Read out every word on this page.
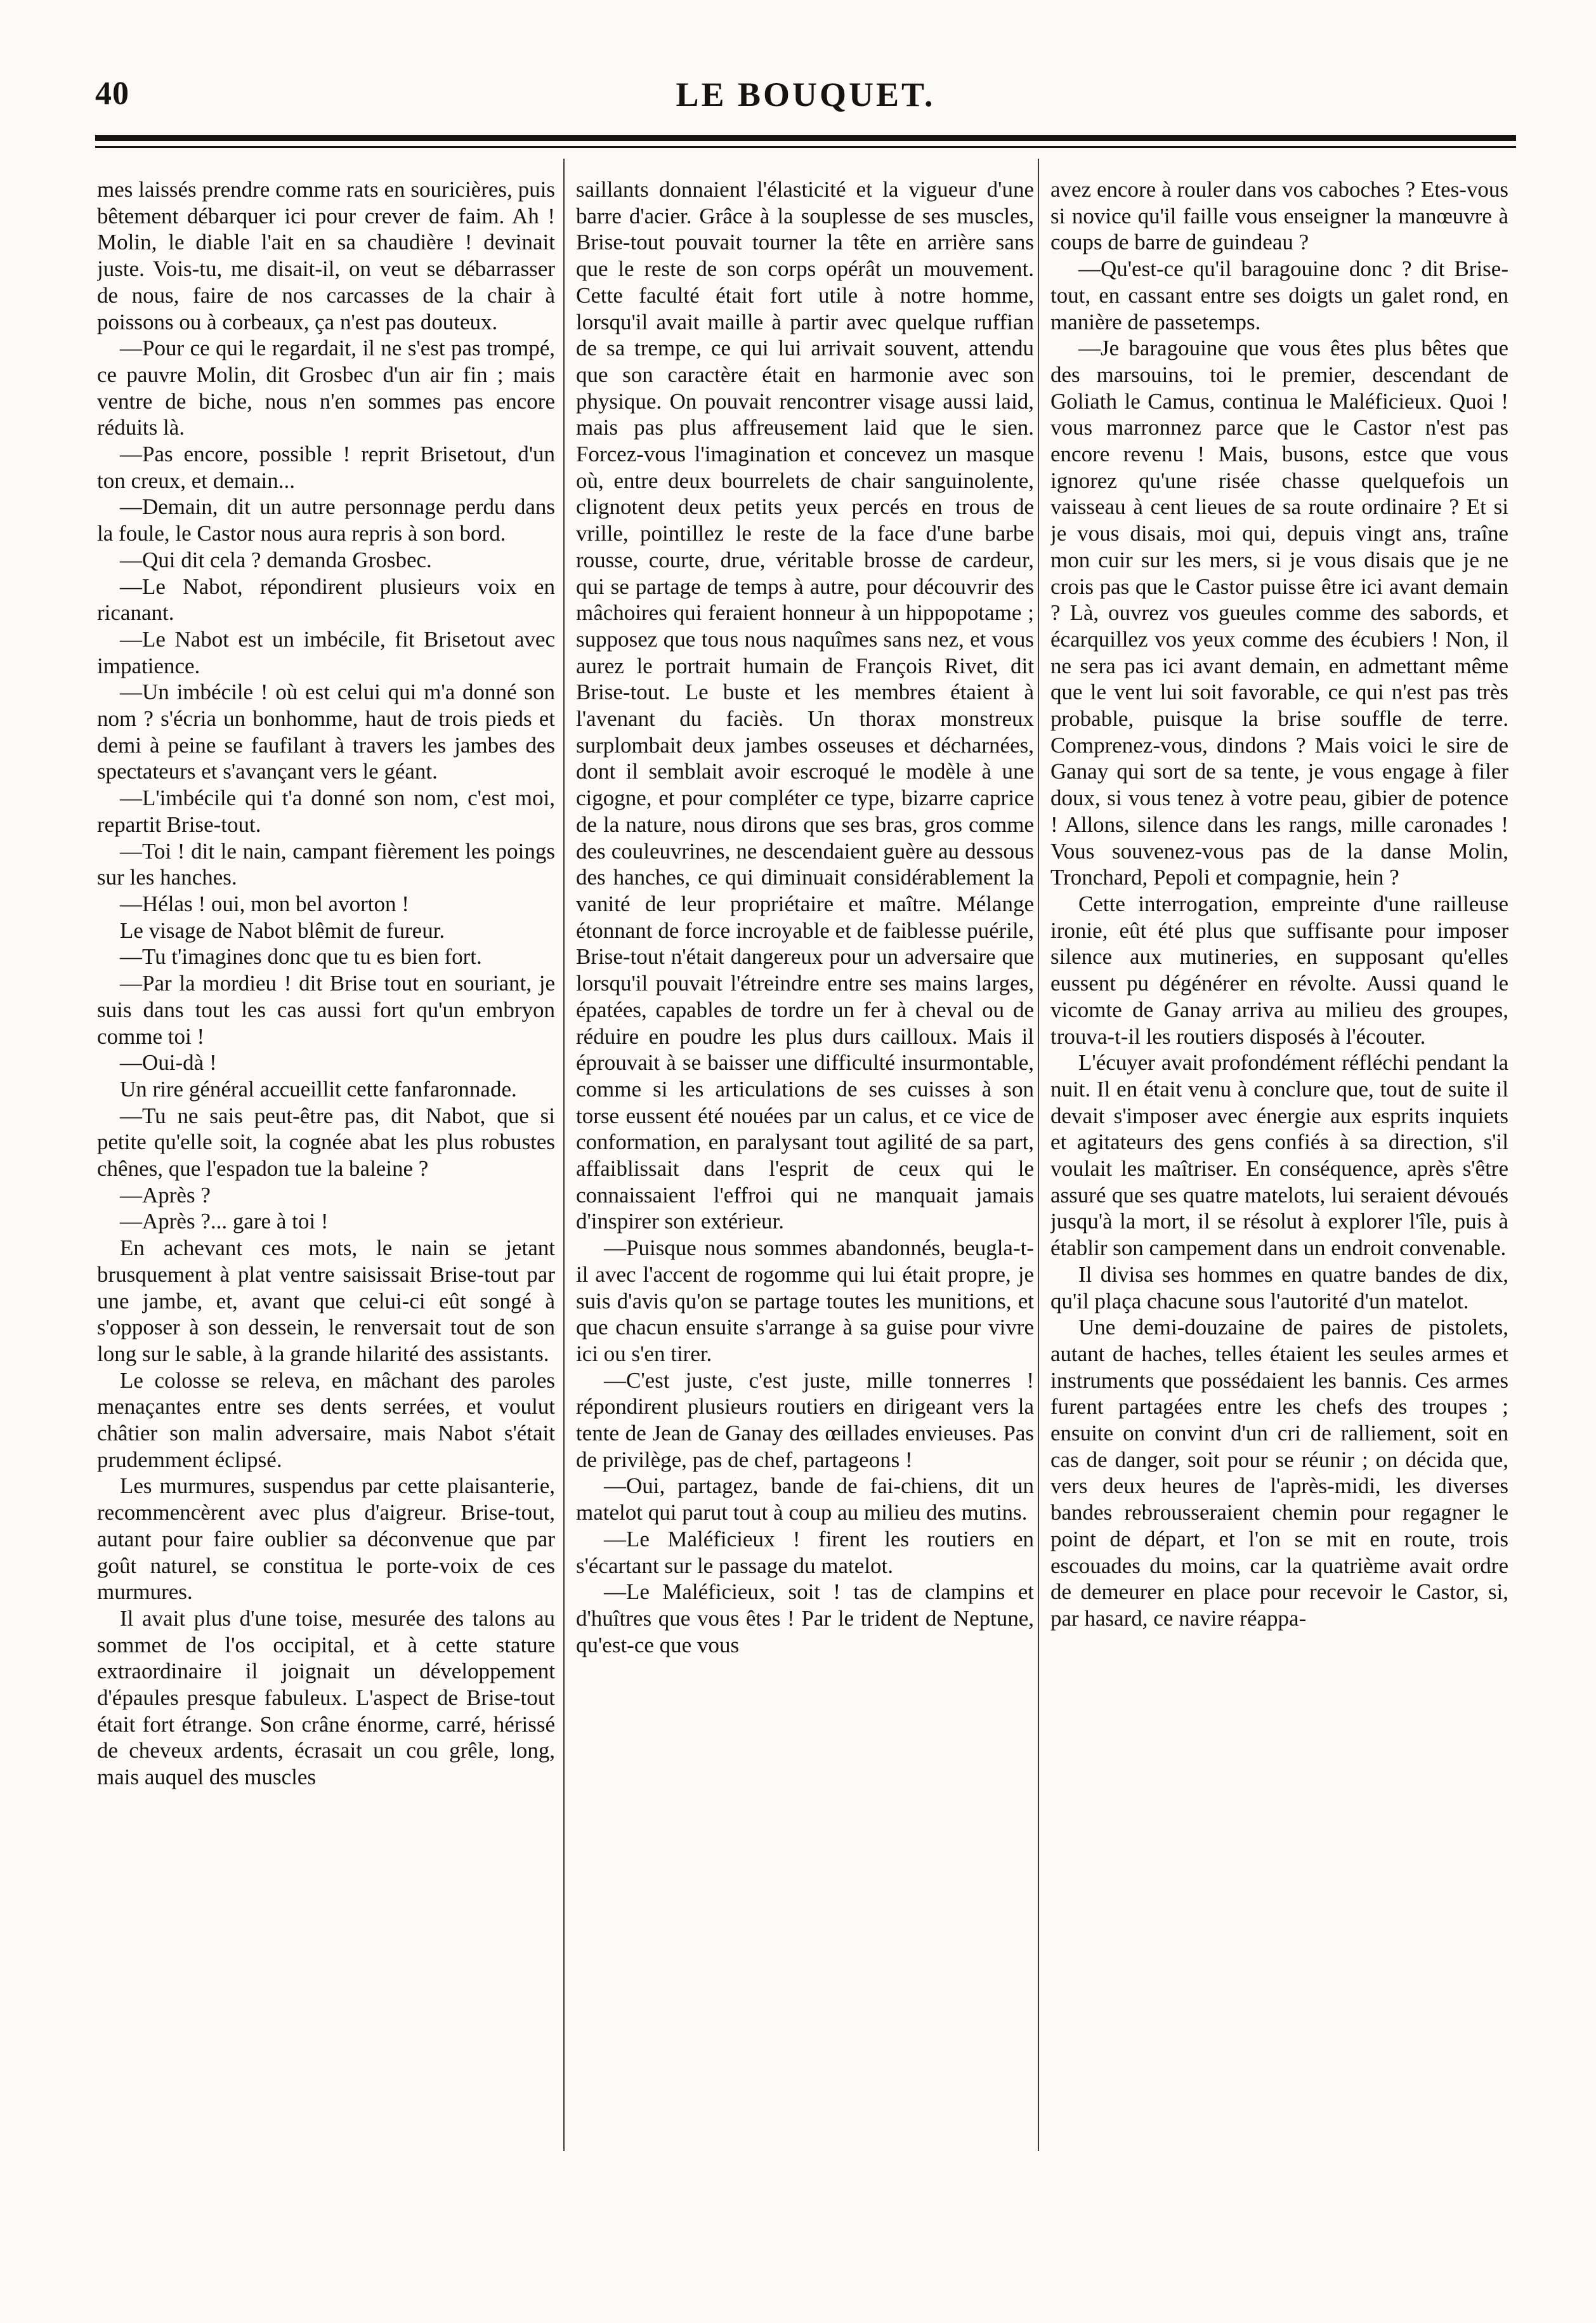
40	LE BOUQUET.

mes laissés prendre comme rats en souricières, puis bêtement débarquer ici pour crever de faim. Ah ! Molin, le diable l'ait en sa chaudière ! devinait juste. Vois-tu, me disait-il, on veut se débarrasser de nous, faire de nos carcasses de la chair à poissons ou à corbeaux, ça n'est pas douteux.

—Pour ce qui le regardait, il ne s'est pas trompé, ce pauvre Molin, dit Grosbec d'un air fin ; mais ventre de biche, nous n'en sommes pas encore réduits là.

—Pas encore, possible ! reprit Brisetout, d'un ton creux, et demain...

—Demain, dit un autre personnage perdu dans la foule, le Castor nous aura repris à son bord.

—Qui dit cela ? demanda Grosbec.

—Le Nabot, répondirent plusieurs voix en ricanant.

—Le Nabot est un imbécile, fit Brisetout avec impatience.

—Un imbécile ! où est celui qui m'a donné son nom ? s'écria un bonhomme, haut de trois pieds et demi à peine se faufilant à travers les jambes des spectateurs et s'avançant vers le géant.

—L'imbécile qui t'a donné son nom, c'est moi, repartit Brise-tout.

—Toi ! dit le nain, campant fièrement les poings sur les hanches.

—Hélas ! oui, mon bel avorton !

Le visage de Nabot blêmit de fureur.

—Tu t'imagines donc que tu es bien fort.

—Par la mordieu ! dit Brise tout en souriant, je suis dans tout les cas aussi fort qu'un embryon comme toi !

—Oui-dà !

Un rire général accueillit cette fanfaronnade.

—Tu ne sais peut-être pas, dit Nabot, que si petite qu'elle soit, la cognée abat les plus robustes chênes, que l'espadon tue la baleine ?

—Après ?

—Après ?... gare à toi !

En achevant ces mots, le nain se jetant brusquement à plat ventre saisissait Brise-tout par une jambe, et, avant que celui-ci eût songé à s'opposer à son dessein, le renversait tout de son long sur le sable, à la grande hilarité des assistants.

Le colosse se releva, en mâchant des paroles menaçantes entre ses dents serrées, et voulut châtier son malin adversaire, mais Nabot s'était prudemment éclipsé.

Les murmures, suspendus par cette plaisanterie, recommencèrent avec plus d'aigreur. Brise-tout, autant pour faire oublier sa déconvenue que par goût naturel, se constitua le porte-voix de ces murmures.

Il avait plus d'une toise, mesurée des talons au sommet de l'os occipital, et à cette stature extraordinaire il joignait un développement d'épaules presque fabuleux. L'aspect de Brise-tout était fort étrange. Son crâne énorme, carré, hérissé de cheveux ardents, écrasait un cou grêle, long, mais auquel des muscles

saillants donnaient l'élasticité et la vigueur d'une barre d'acier. Grâce à la souplesse de ses muscles, Brise-tout pouvait tourner la tête en arrière sans que le reste de son corps opérât un mouvement. Cette faculté était fort utile à notre homme, lorsqu'il avait maille à partir avec quelque ruffian de sa trempe, ce qui lui arrivait souvent, attendu que son caractère était en harmonie avec son physique. On pouvait rencontrer visage aussi laid, mais pas plus affreusement laid que le sien. Forcez-vous l'imagination et concevez un masque où, entre deux bourrelets de chair sanguinolente, clignotent deux petits yeux percés en trous de vrille, pointillez le reste de la face d'une barbe rousse, courte, drue, véritable brosse de cardeur, qui se partage de temps à autre, pour découvrir des mâchoires qui feraient honneur à un hippopotame ; supposez que tous nous naquîmes sans nez, et vous aurez le portrait humain de François Rivet, dit Brise-tout. Le buste et les membres étaient à l'avenant du faciès. Un thorax monstreux surplombait deux jambes osseuses et décharnées, dont il semblait avoir escroqué le modèle à une cigogne, et pour compléter ce type, bizarre caprice de la nature, nous dirons que ses bras, gros comme des couleuvrines, ne descendaient guère au dessous des hanches, ce qui diminuait considérablement la vanité de leur propriétaire et maître. Mélange étonnant de force incroyable et de faiblesse puérile, Brise-tout n'était dangereux pour un adversaire que lorsqu'il pouvait l'étreindre entre ses mains larges, épatées, capables de tordre un fer à cheval ou de réduire en poudre les plus durs cailloux. Mais il éprouvait à se baisser une difficulté insurmontable, comme si les articulations de ses cuisses à son torse eussent été nouées par un calus, et ce vice de conformation, en paralysant tout agilité de sa part, affaiblissait dans l'esprit de ceux qui le connaissaient l'effroi qui ne manquait jamais d'inspirer son extérieur.

—Puisque nous sommes abandonnés, beugla-t-il avec l'accent de rogomme qui lui était propre, je suis d'avis qu'on se partage toutes les munitions, et que chacun ensuite s'arrange à sa guise pour vivre ici ou s'en tirer.

—C'est juste, c'est juste, mille tonnerres ! répondirent plusieurs routiers en dirigeant vers la tente de Jean de Ganay des œillades envieuses. Pas de privilège, pas de chef, partageons !

—Oui, partagez, bande de fai-chiens, dit un matelot qui parut tout à coup au milieu des mutins.

—Le Maléficieux ! firent les routiers en s'écartant sur le passage du matelot.

—Le Maléficieux, soit ! tas de clampins et d'huîtres que vous êtes ! Par le trident de Neptune, qu'est-ce que vous

avez encore à rouler dans vos caboches ? Etes-vous si novice qu'il faille vous enseigner la manœuvre à coups de barre de guindeau ?

—Qu'est-ce qu'il baragouine donc ? dit Brise-tout, en cassant entre ses doigts un galet rond, en manière de passetemps.

—Je baragouine que vous êtes plus bêtes que des marsouins, toi le premier, descendant de Goliath le Camus, continua le Maléficieux. Quoi ! vous marronnez parce que le Castor n'est pas encore revenu ! Mais, busons, estce que vous ignorez qu'une risée chasse quelquefois un vaisseau à cent lieues de sa route ordinaire ? Et si je vous disais, moi qui, depuis vingt ans, traîne mon cuir sur les mers, si je vous disais que je ne crois pas que le Castor puisse être ici avant demain ? Là, ouvrez vos gueules comme des sabords, et écarquillez vos yeux comme des écubiers ! Non, il ne sera pas ici avant demain, en admettant même que le vent lui soit favorable, ce qui n'est pas très probable, puisque la brise souffle de terre. Comprenez-vous, dindons ? Mais voici le sire de Ganay qui sort de sa tente, je vous engage à filer doux, si vous tenez à votre peau, gibier de potence ! Allons, silence dans les rangs, mille caronades ! Vous souvenez-vous pas de la danse Molin, Tronchard, Pepoli et compagnie, hein ?

Cette interrogation, empreinte d'une railleuse ironie, eût été plus que suffisante pour imposer silence aux mutineries, en supposant qu'elles eussent pu dégénérer en révolte. Aussi quand le vicomte de Ganay arriva au milieu des groupes, trouva-t-il les routiers disposés à l'écouter.

L'écuyer avait profondément réfléchi pendant la nuit. Il en était venu à conclure que, tout de suite il devait s'imposer avec énergie aux esprits inquiets et agitateurs des gens confiés à sa direction, s'il voulait les maîtriser. En conséquence, après s'être assuré que ses quatre matelots, lui seraient dévoués jusqu'à la mort, il se résolut à explorer l'île, puis à établir son campement dans un endroit convenable.

Il divisa ses hommes en quatre bandes de dix, qu'il plaça chacune sous l'autorité d'un matelot.

Une demi-douzaine de paires de pistolets, autant de haches, telles étaient les seules armes et instruments que possédaient les bannis. Ces armes furent partagées entre les chefs des troupes ; ensuite on convint d'un cri de ralliement, soit en cas de danger, soit pour se réunir ; on décida que, vers deux heures de l'après-midi, les diverses bandes rebrousseraient chemin pour regagner le point de départ, et l'on se mit en route, trois escouades du moins, car la quatrième avait ordre de demeurer en place pour recevoir le Castor, si, par hasard, ce navire réappa-
